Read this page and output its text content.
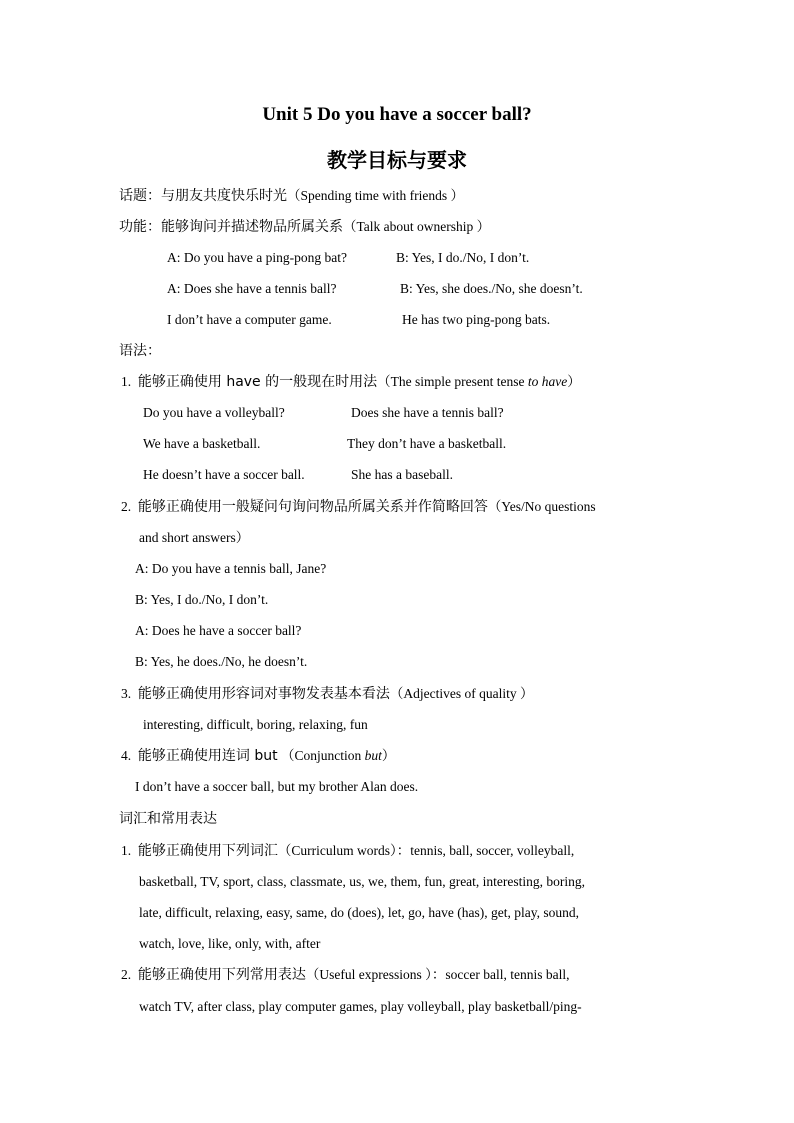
Unit 5 Do you have a soccer ball?
教学目标与要求
话题：与朋友共度快乐时光（Spending time with friends ）
功能：能够询问并描述物品所属关系（Talk about ownership ）
A: Do you have a ping-pong bat?	B: Yes, I do./No, I don’t.
A: Does she have a tennis ball?	B: Yes, she does./No, she doesn’t.
I don’t have a computer game.	He has two ping-pong bats.
语法：
1. 能够正确使用 have 的一般现在时用法（The simple present tense to have）
Do you have a volleyball?	Does she have a tennis ball?
We have a basketball.	They don’t have a basketball.
He doesn’t have a soccer ball.	She has a baseball.
2. 能够正确使用一般疑问句询问物品所属关系并作简略回答（Yes/No questions
and short answers）
A: Do you have a tennis ball, Jane?
B: Yes, I do./No, I don’t.
A: Does he have a soccer ball?
B: Yes, he does./No, he doesn’t.
3. 能够正确使用形容词对事物发表基本看法（Adjectives of quality ）
interesting, difficult, boring, relaxing, fun
4. 能够正确使用连词 but （Conjunction but）
I don’t have a soccer ball, but my brother Alan does.
词汇和常用表达
1. 能够正确使用下列词汇（Curriculum words）：tennis, ball, soccer, volleyball,
basketball, TV, sport, class, classmate, us, we, them, fun, great, interesting, boring,
late, difficult, relaxing, easy, same, do (does), let, go, have (has), get, play, sound,
watch, love, like, only, with, after
2. 能够正确使用下列常用表达（Useful expressions ）：soccer ball, tennis ball,
watch TV, after class, play computer games, play volleyball, play basketball/ping-
